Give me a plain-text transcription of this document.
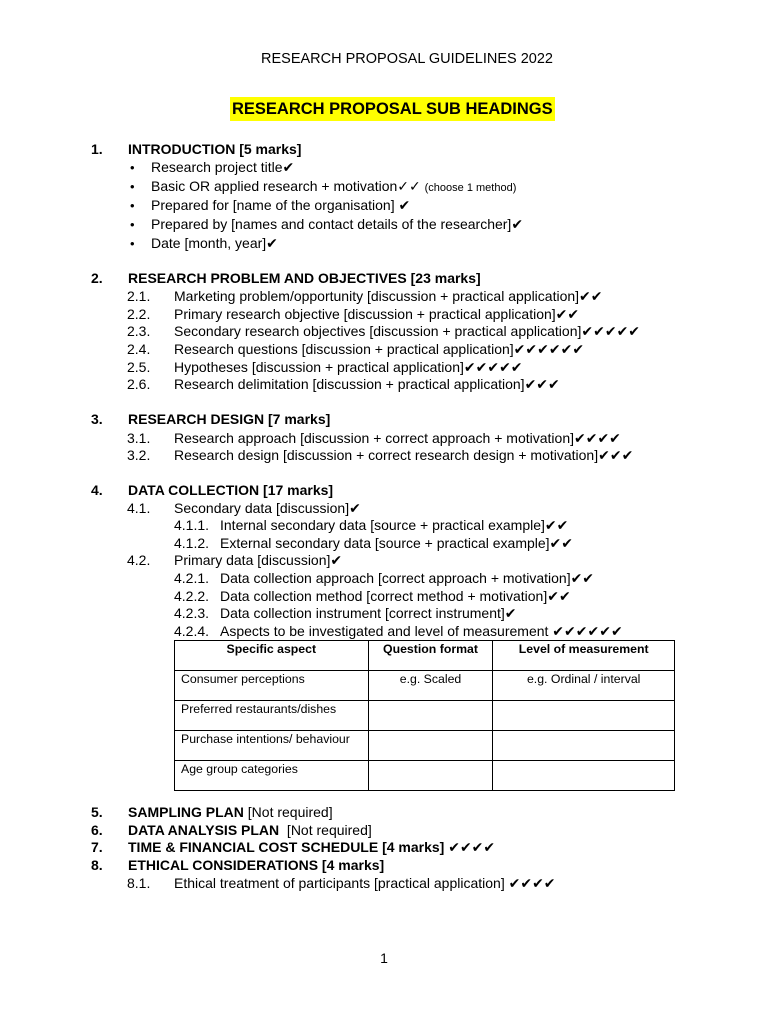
RESEARCH PROPOSAL GUIDELINES 2022
RESEARCH PROPOSAL SUB HEADINGS
1. INTRODUCTION [5 marks]
• Research project title✔
• Basic OR applied research + motivation✓✓ (choose 1 method)
• Prepared for [name of the organisation] ✔
• Prepared by [names and contact details of the researcher]✔
• Date [month, year]✔
2. RESEARCH PROBLEM AND OBJECTIVES [23 marks]
2.1. Marketing problem/opportunity [discussion + practical application]✔✔
2.2. Primary research objective [discussion + practical application]✔✔
2.3. Secondary research objectives [discussion + practical application]✔✔✔✔✔
2.4. Research questions [discussion + practical application]✔✔✔✔✔✔
2.5. Hypotheses [discussion + practical application]✔✔✔✔✔
2.6. Research delimitation [discussion + practical application]✔✔✔
3. RESEARCH DESIGN [7 marks]
3.1. Research approach [discussion + correct approach + motivation]✔✔✔✔
3.2. Research design [discussion + correct research design + motivation]✔✔✔
4. DATA COLLECTION [17 marks]
4.1. Secondary data [discussion]✔
4.1.1. Internal secondary data [source + practical example]✔✔
4.1.2. External secondary data [source + practical example]✔✔
4.2. Primary data [discussion]✔
4.2.1. Data collection approach [correct approach + motivation]✔✔
4.2.2. Data collection method [correct method + motivation]✔✔
4.2.3. Data collection instrument [correct instrument]✔
4.2.4. Aspects to be investigated and level of measurement ✔✔✔✔✔✔
Specific aspect	Question format	Level of measurement
Consumer perceptions	e.g. Scaled	e.g. Ordinal / interval
Preferred restaurants/dishes		
Purchase intentions/ behaviour		
Age group categories		
5. SAMPLING PLAN [Not required]
6. DATA ANALYSIS PLAN  [Not required]
7. TIME & FINANCIAL COST SCHEDULE [4 marks] ✔✔✔✔
8. ETHICAL CONSIDERATIONS [4 marks]
8.1. Ethical treatment of participants [practical application] ✔✔✔✔
1
